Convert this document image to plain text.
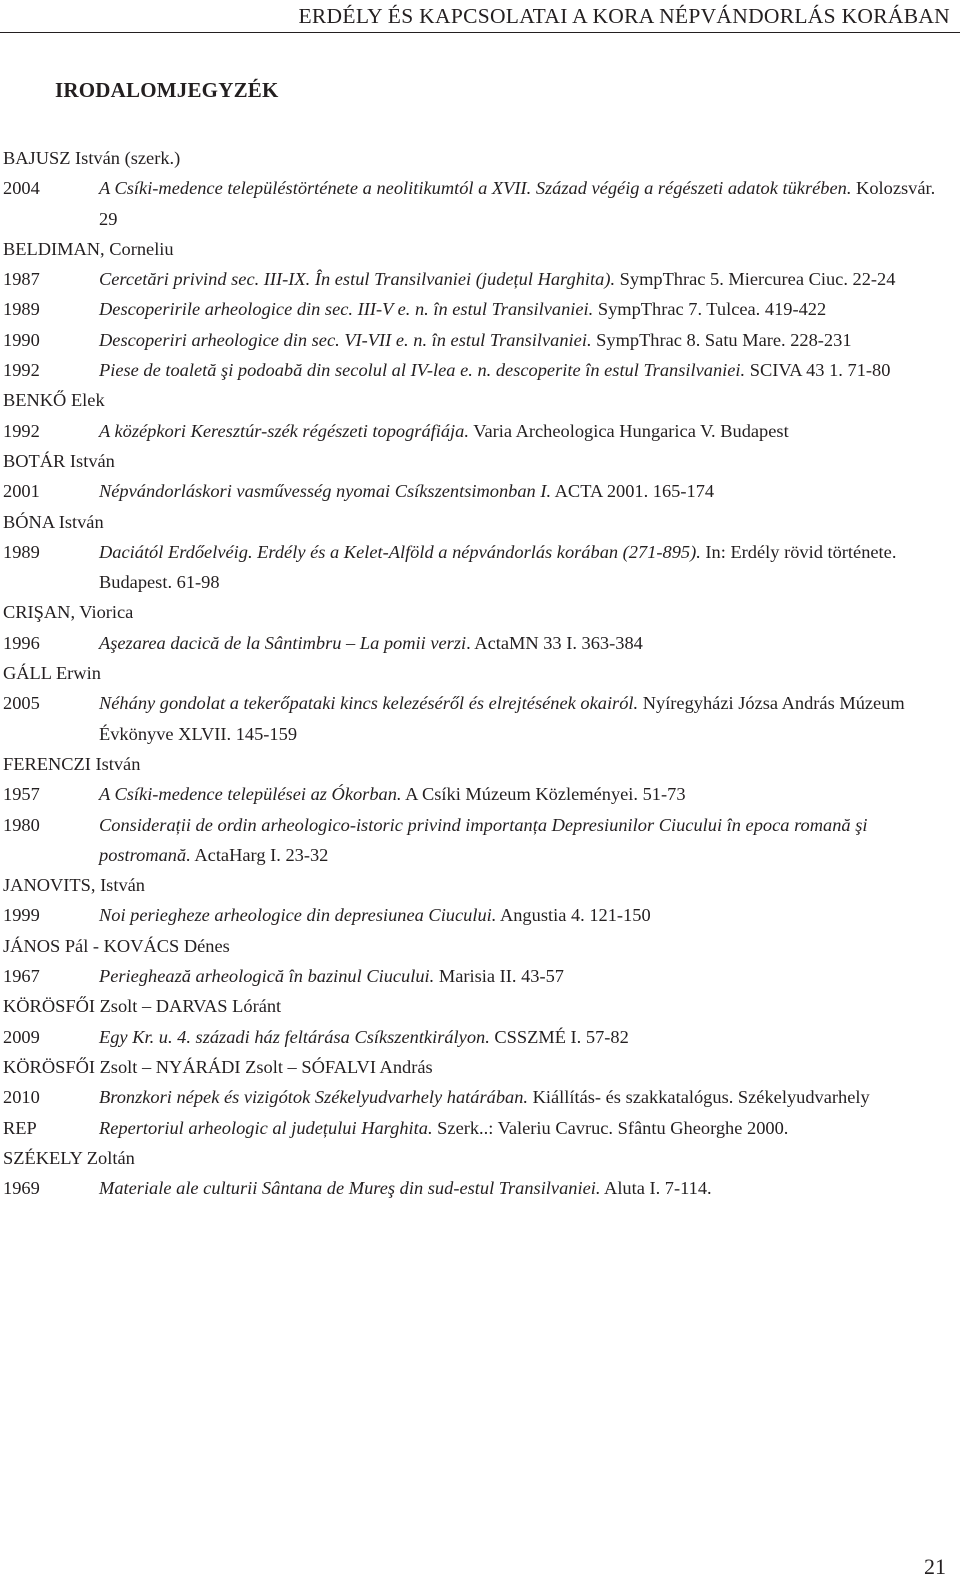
ERDÉLY ÉS KAPCSOLATAI A KORA NÉPVÁNDORLÁS KORÁBAN
IRODALOMJEGYZÉK
BAJUSZ István (szerk.)
2004	A Csíki-medence településtörténete a neolitikumtól a XVII. Század végéig a régészeti adatok tükrében. Kolozsvár. 29
BELDIMAN, Corneliu
1987	Cercetări privind sec. III-IX. În estul Transilvaniei (județul Harghita). SympThrac 5. Miercurea Ciuc. 22-24
1989	Descoperirile arheologice din sec. III-V e. n. în estul Transilvaniei. SympThrac 7. Tulcea. 419-422
1990	Descoperiri arheologice din sec. VI-VII e. n. în estul Transilvaniei. SympThrac 8. Satu Mare. 228-231
1992	Piese de toaletă şi podoabă din secolul al IV-lea e. n. descoperite în estul Transilvaniei. SCIVA 43 1. 71-80
BENKŐ Elek
1992	A középkori Keresztúr-szék régészeti topográfiája. Varia Archeologica Hungarica V. Budapest
BOTÁR István
2001	Népvándorláskori vasművesség nyomai Csíkszentsimonban I. ACTA 2001. 165-174
BÓNA István
1989	Daciától Erdőelvéig. Erdély és a Kelet-Alföld a népvándorlás korában (271-895). In: Erdély rövid története. Budapest. 61-98
CRIŞAN, Viorica
1996	Aşezarea dacică de la Sântimbru – La pomii verzi. ActaMN 33 I. 363-384
GÁLL Erwin
2005	Néhány gondolat a tekerőpataki kincs kelezéséről és elrejtésének okairól. Nyíregyházi Józsa András Múzeum Évkönyve XLVII. 145-159
FERENCZI István
1957	A Csíki-medence települései az Ókorban. A Csíki Múzeum Közleményei. 51-73
1980	Considerații de ordin arheologico-istoric privind importanța Depresiunilor Ciucului în epoca romană şi postromană. ActaHarg I. 23-32
JANOVITS, István
1999	Noi periegheze arheologice din depresiunea Ciucului. Angustia 4. 121-150
JÁNOS Pál - KOVÁCS Dénes
1967	Perieghează arheologică în bazinul Ciucului. Marisia II. 43-57
KÖRÖSFŐI Zsolt – DARVAS Lóránt
2009	Egy Kr. u. 4. századi ház feltárása Csíkszentkirályon. CSSZMÉ I. 57-82
KÖRÖSFŐI Zsolt – NYÁRÁDI Zsolt – SÓFALVI András
2010	Bronzkori népek és vizigótok Székelyudvarhely határában. Kiállítás- és szakkatalógus. Székelyudvarhely
REP	Repertoriul arheologic al județului Harghita. Szerk..: Valeriu Cavruc. Sfântu Gheorghe 2000.
SZÉKELY Zoltán
1969	Materiale ale culturii Sântana de Mureş din sud-estul Transilvaniei. Aluta I. 7-114.
21
